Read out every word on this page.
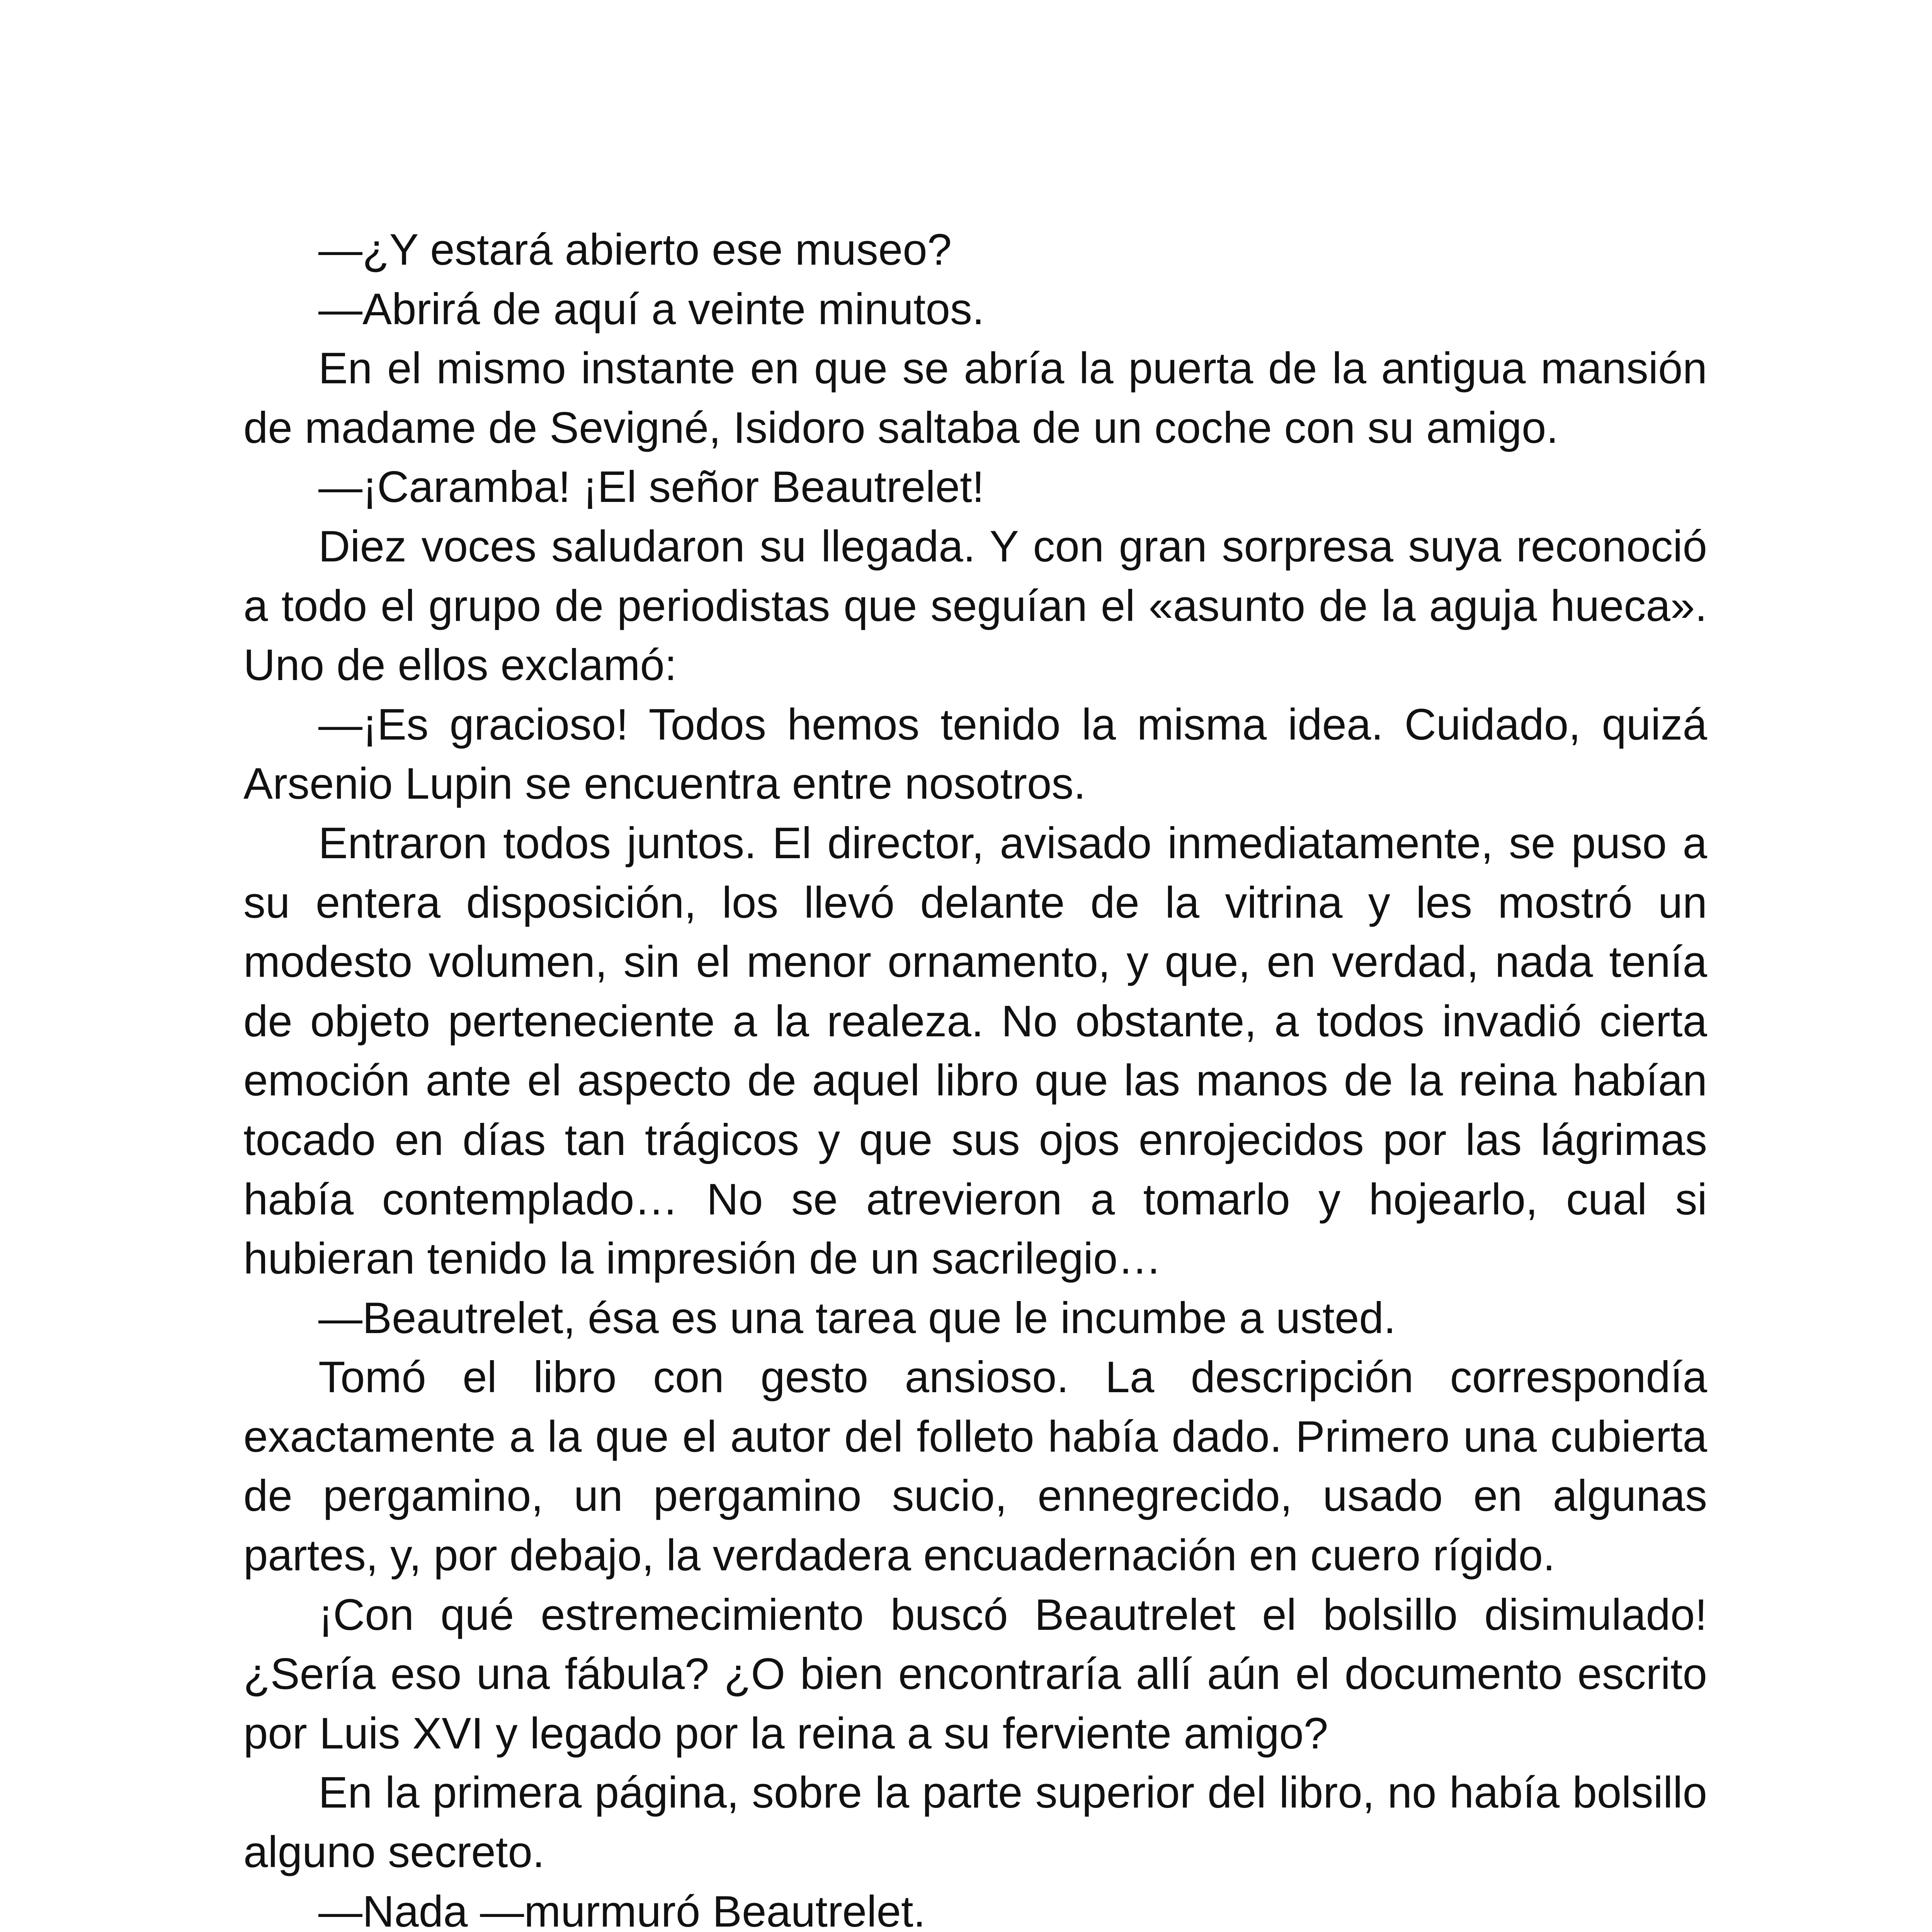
—¿Y estará abierto ese museo?

—Abrirá de aquí a veinte minutos.

En el mismo instante en que se abría la puerta de la antigua mansión de madame de Sevigné, Isidoro saltaba de un coche con su amigo.

—¡Caramba! ¡El señor Beautrelet!

Diez voces saludaron su llegada. Y con gran sorpresa suya reconoció a todo el grupo de periodistas que seguían el «asunto de la aguja hueca». Uno de ellos exclamó:

—¡Es gracioso! Todos hemos tenido la misma idea. Cuidado, quizá Arsenio Lupin se encuentra entre nosotros.

Entraron todos juntos. El director, avisado inmediatamente, se puso a su entera disposición, los llevó delante de la vitrina y les mostró un modesto volumen, sin el menor ornamento, y que, en verdad, nada tenía de objeto perteneciente a la realeza. No obstante, a todos invadió cierta emoción ante el aspecto de aquel libro que las manos de la reina habían tocado en días tan trágicos y que sus ojos enrojecidos por las lágrimas había contemplado… No se atrevieron a tomarlo y hojearlo, cual si hubieran tenido la impresión de un sacrilegio…

—Beautrelet, ésa es una tarea que le incumbe a usted.

Tomó el libro con gesto ansioso. La descripción correspondía exactamente a la que el autor del folleto había dado. Primero una cubierta de pergamino, un pergamino sucio, ennegrecido, usado en algunas partes, y, por debajo, la verdadera encuadernación en cuero rígido.

¡Con qué estremecimiento buscó Beautrelet el bolsillo disimulado! ¿Sería eso una fábula? ¿O bien encontraría allí aún el documento escrito por Luis XVI y legado por la reina a su ferviente amigo?

En la primera página, sobre la parte superior del libro, no había bolsillo alguno secreto.

—Nada —murmuró Beautrelet.
